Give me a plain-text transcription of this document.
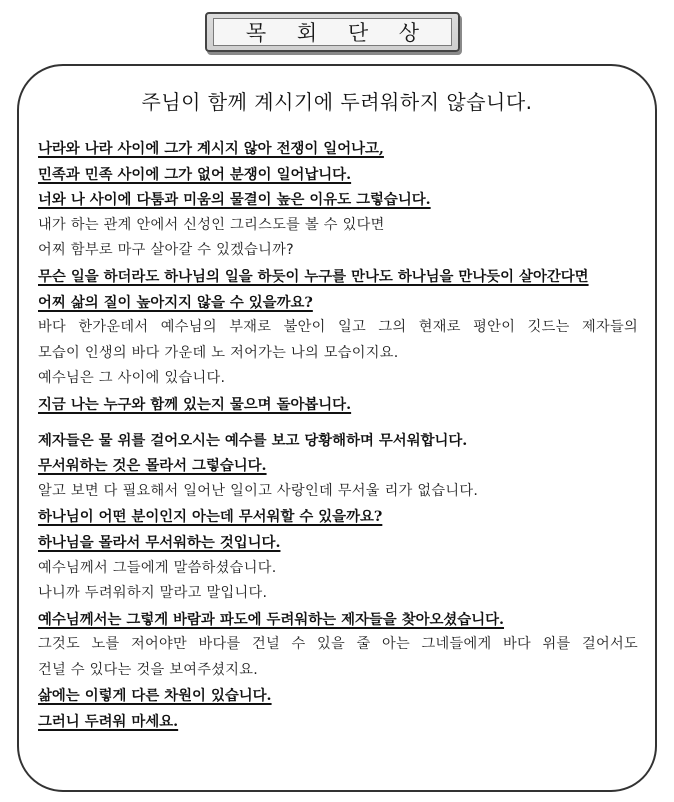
목 회 단 상
주님이 함께 계시기에 두려워하지 않습니다.
나라와 나라 사이에 그가 계시지 않아 전쟁이 일어나고,
민족과 민족 사이에 그가 없어 분쟁이 일어납니다.
너와 나 사이에 다툼과 미움의 물결이 높은 이유도 그렇습니다.
내가 하는 관계 안에서 신성인 그리스도를 볼 수 있다면
어찌 함부로 마구 살아갈 수 있겠습니까?
무슨 일을 하더라도 하나님의 일을 하듯이 누구를 만나도 하나님을 만나듯이 살아간다면
어찌 삶의 질이 높아지지 않을 수 있을까요?
바다 한가운데서 예수님의 부재로 불안이 일고 그의 현재로 평안이 깃드는 제자들의
모습이 인생의 바다 가운데 노 저어가는 나의 모습이지요.
예수님은 그 사이에 있습니다.
지금 나는 누구와 함께 있는지 물으며 돌아봅니다.
제자들은 물 위를 걸어오시는 예수를 보고 당황해하며 무서워합니다.
무서워하는 것은 몰라서 그렇습니다.
알고 보면 다 필요해서 일어난 일이고 사랑인데 무서울 리가 없습니다.
하나님이 어떤 분이인지 아는데 무서워할 수 있을까요?
하나님을 몰라서 무서워하는 것입니다.
예수님께서 그들에게 말씀하셨습니다.
나니까 두려워하지 말라고 말입니다.
예수님께서는 그렇게 바람과 파도에 두려워하는 제자들을 찾아오셨습니다.
그것도 노를 저어야만 바다를 건널 수 있을 줄 아는 그네들에게 바다 위를 걸어서도
건널 수 있다는 것을 보여주셨지요.
삶에는 이렇게 다른 차원이 있습니다.
그러니 두려워 마세요.
